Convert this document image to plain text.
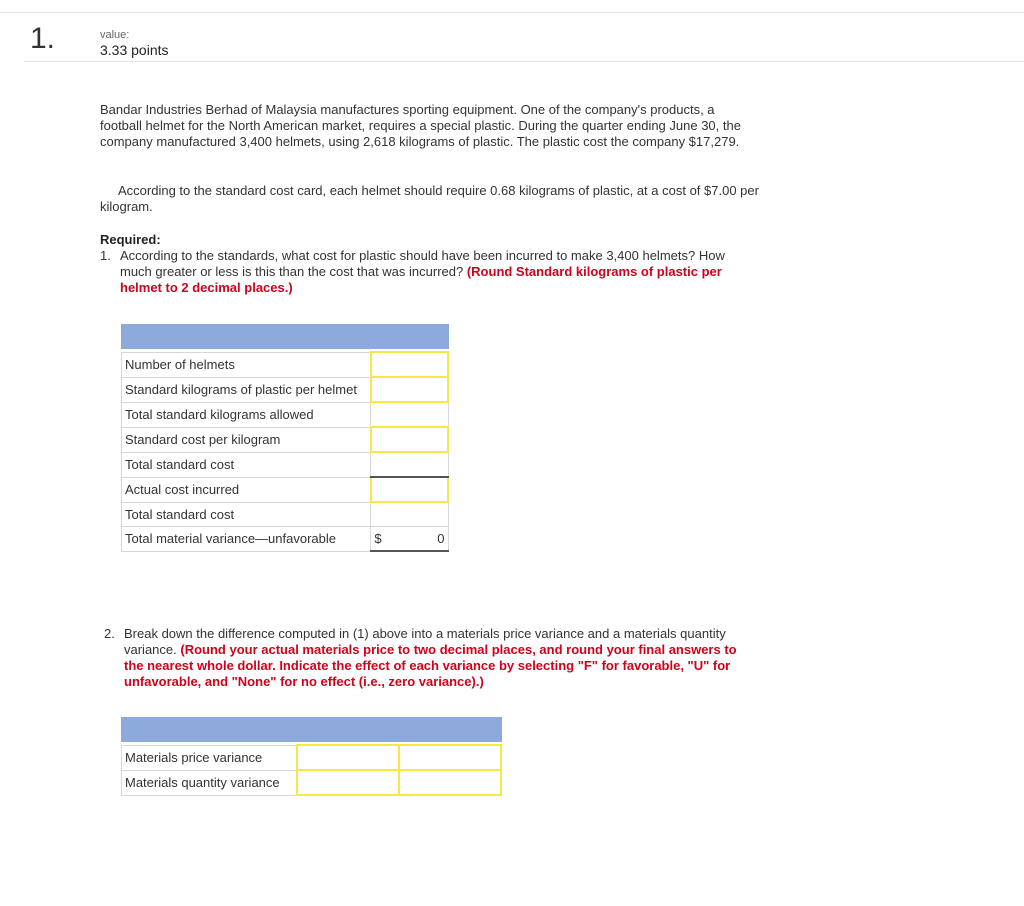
1.	value:
3.33 points
Bandar Industries Berhad of Malaysia manufactures sporting equipment. One of the company's products, a football helmet for the North American market, requires a special plastic. During the quarter ending June 30, the company manufactured 3,400 helmets, using 2,618 kilograms of plastic. The plastic cost the company $17,279.
According to the standard cost card, each helmet should require 0.68 kilograms of plastic, at a cost of $7.00 per kilogram.
Required:
1. According to the standards, what cost for plastic should have been incurred to make 3,400 helmets? How much greater or less is this than the cost that was incurred? (Round Standard kilograms of plastic per helmet to 2 decimal places.)

Number of helmets	
Standard kilograms of plastic per helmet	
Total standard kilograms allowed	
Standard cost per kilogram	
Total standard cost	
Actual cost incurred	
Total standard cost	
Total material variance—unfavorable	$ 0
2. Break down the difference computed in (1) above into a materials price variance and a materials quantity variance. (Round your actual materials price to two decimal places, and round your final answers to the nearest whole dollar. Indicate the effect of each variance by selecting "F" for favorable, "U" for unfavorable, and "None" for no effect (i.e., zero variance).)

Materials price variance		
Materials quantity variance		
